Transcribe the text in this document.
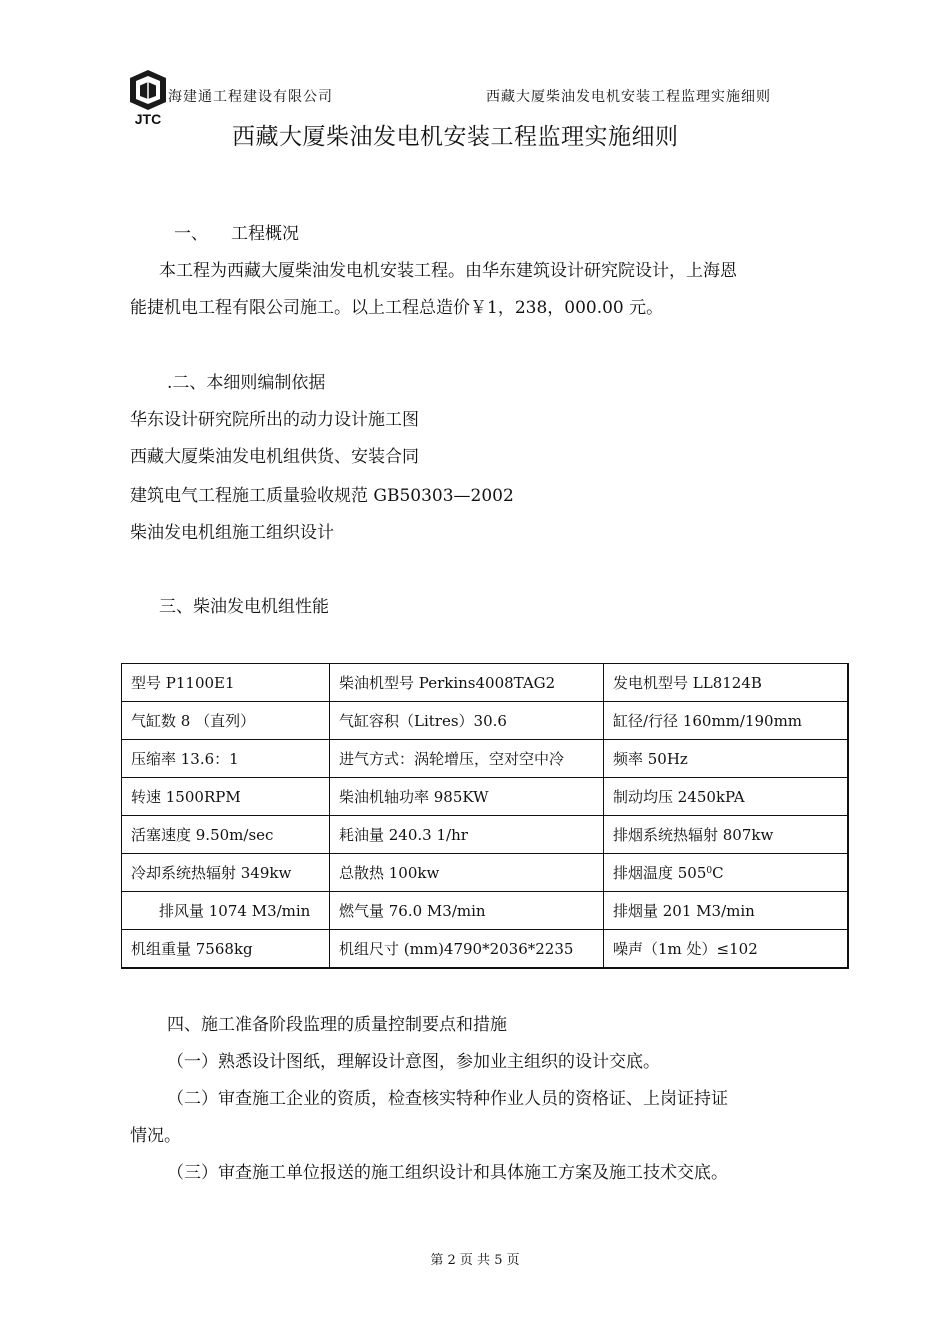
JTC
海建通工程建设有限公司	西藏大厦柴油发电机安装工程监理实施细则
西藏大厦柴油发电机安装工程监理实施细则
一、 工程概况
本工程为西藏大厦柴油发电机安装工程。由华东建筑设计研究院设计，上海恩
能捷机电工程有限公司施工。以上工程总造价￥1，238，000.00 元。
.二、本细则编制依据
华东设计研究院所出的动力设计施工图
西藏大厦柴油发电机组供货、安装合同
建筑电气工程施工质量验收规范 GB50303—2002
柴油发电机组施工组织设计
三、柴油发电机组性能
型号 P1100E1	柴油机型号 Perkins4008TAG2	发电机型号 LL8124B
气缸数 8 （直列）	气缸容积（Litres）30.6	缸径/行径 160mm/190mm
压缩率 13.6：1	进气方式：涡轮增压，空对空中冷	频率 50Hz
转速 1500RPM	柴油机轴功率 985KW	制动均压 2450kPA
活塞速度 9.50m/sec	耗油量 240.3 1/hr	排烟系统热辐射 807kw
冷却系统热辐射 349kw	总散热 100kw	排烟温度 $505^0C$
排风量 1074 M3/min	燃气量 76.0 M3/min	排烟量 201 M3/min
机组重量 7568kg	机组尺寸 (mm)4790*2036*2235	噪声（1m 处）≤102
四、施工准备阶段监理的质量控制要点和措施
（一）熟悉设计图纸，理解设计意图，参加业主组织的设计交底。
（二）审查施工企业的资质，检查核实特种作业人员的资格证、上岗证持证
情况。
（三）审查施工单位报送的施工组织设计和具体施工方案及施工技术交底。
第 2 页 共 5 页
